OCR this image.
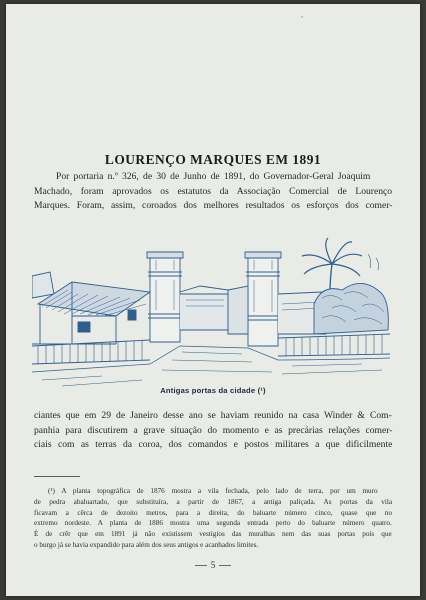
LOURENÇO MARQUES EM 1891
Por portaria n.º 326, de 30 de Junho de 1891, do Governador-Geral Joaquim
Machado, foram aprovados os estatutos da Associação Comercial de Lourenço
Marques. Foram, assim, coroados dos melhores resultados os esforços dos comer-
Antigas portas da cidade (¹)
ciantes que em 29 de Janeiro desse ano se haviam reunido na casa Winder & Com-
panhia para discutirem a grave situação do momento e as precárias relações comer-
ciais com as terras da coroa, dos comandos e postos militares a que dificilmente
(¹) A planta topográfica de 1876 mostra a vila fechada, pelo lado de terra, por um muro
de pedra abaluartado, que substituíra, a partir de 1867, a antiga paliçada. As portas da vila
ficavam a cêrca de dezoito metros, para a direita, do baluarte número cinco, quase que no
extremo nordeste. A planta de 1886 mostra uma segunda entrada perto do baluarte número quatro.
É de crêr que em 1891 já não existissem vestígios das muralhas nem das suas portas pois que
o burgo já se havia expandido para além dos seus antigos e acanhados limites.
5
